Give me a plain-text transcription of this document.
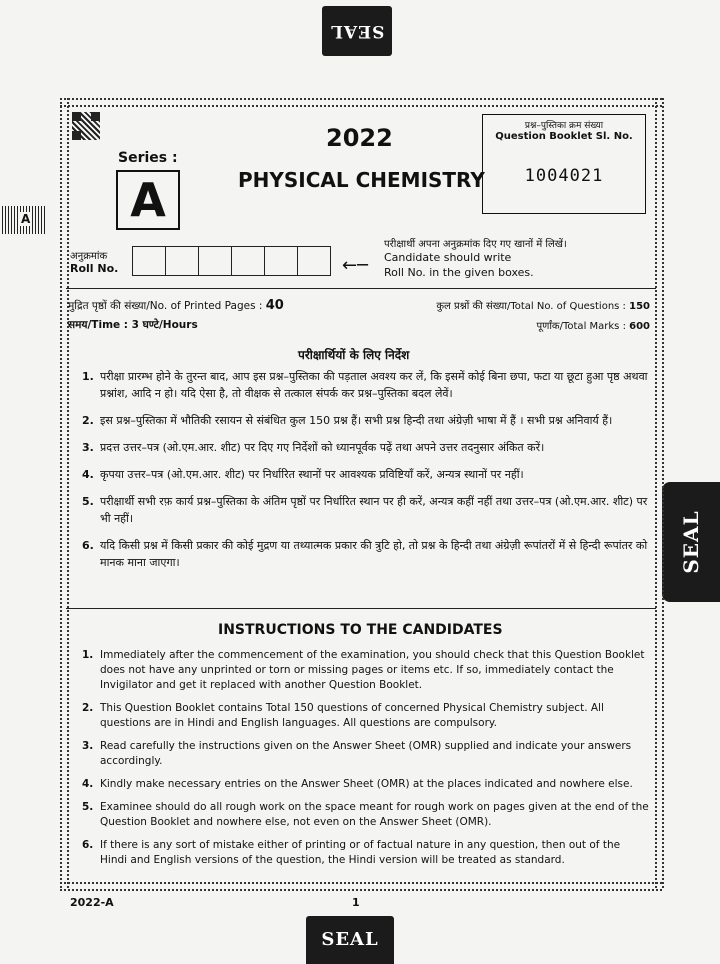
SEAL
SEAL
SEAL
A
Series :
A
2022
PHYSICAL CHEMISTRY
प्रश्न–पुस्तिका क्रम संख्या
Question Booklet Sl. No.
1004021
अनुक्रमांक
Roll No.	←─
परीक्षार्थी अपना अनुक्रमांक दिए गए खानों में लिखें।
Candidate should write
Roll No. in the given boxes.
मुद्रित पृष्ठों की संख्या/No. of Printed Pages : 40	कुल प्रश्नों की संख्या/Total No. of Questions : 150
समय/Time : 3 घण्टे/Hours	पूर्णांक/Total Marks : 600
परीक्षार्थियों के लिए निर्देश
1. परीक्षा प्रारम्भ होने के तुरन्त बाद, आप इस प्रश्न–पुस्तिका की पड़ताल अवश्य कर लें, कि इसमें कोई बिना छपा, फटा या छूटा हुआ पृष्ठ अथवा प्रश्नांश, आदि न हो। यदि ऐसा है, तो वीक्षक से तत्काल संपर्क कर प्रश्न–पुस्तिका बदल लेवें।
2. इस प्रश्न–पुस्तिका में भौतिकी रसायन से संबंधित कुल 150 प्रश्न हैं। सभी प्रश्न हिन्दी तथा अंग्रेज़ी भाषा में हैं । सभी प्रश्न अनिवार्य हैं।
3. प्रदत्त उत्तर–पत्र (ओ.एम.आर. शीट) पर दिए गए निर्देशों को ध्यानपूर्वक पढ़ें तथा अपने उत्तर तदनुसार अंकित करें।
4. कृपया उत्तर–पत्र (ओ.एम.आर. शीट) पर निर्धारित स्थानों पर आवश्यक प्रविष्टियाँ करें, अन्यत्र स्थानों पर नहीं।
5. परीक्षार्थी सभी रफ़ कार्य प्रश्न–पुस्तिका के अंतिम पृष्ठों पर निर्धारित स्थान पर ही करें, अन्यत्र कहीं नहीं तथा उत्तर–पत्र (ओ.एम.आर. शीट) पर भी नहीं।
6. यदि किसी प्रश्न में किसी प्रकार की कोई मुद्रण या तथ्यात्मक प्रकार की त्रुटि हो, तो प्रश्न के हिन्दी तथा अंग्रेज़ी रूपांतरों में से हिन्दी रूपांतर को मानक माना जाएगा।
INSTRUCTIONS TO THE CANDIDATES
1. Immediately after the commencement of the examination, you should check that this Question Booklet does not have any unprinted or torn or missing pages or items etc. If so, immediately contact the Invigilator and get it replaced with another Question Booklet.
2. This Question Booklet contains Total 150 questions of concerned Physical Chemistry subject. All questions are in Hindi and English languages. All questions are compulsory.
3. Read carefully the instructions given on the Answer Sheet (OMR) supplied and indicate your answers accordingly.
4. Kindly make necessary entries on the Answer Sheet (OMR) at the places indicated and nowhere else.
5. Examinee should do all rough work on the space meant for rough work on pages given at the end of the Question Booklet and nowhere else, not even on the Answer Sheet (OMR).
6. If there is any sort of mistake either of printing or of factual nature in any question, then out of the Hindi and English versions of the question, the Hindi version will be treated as standard.
2022-A	1
